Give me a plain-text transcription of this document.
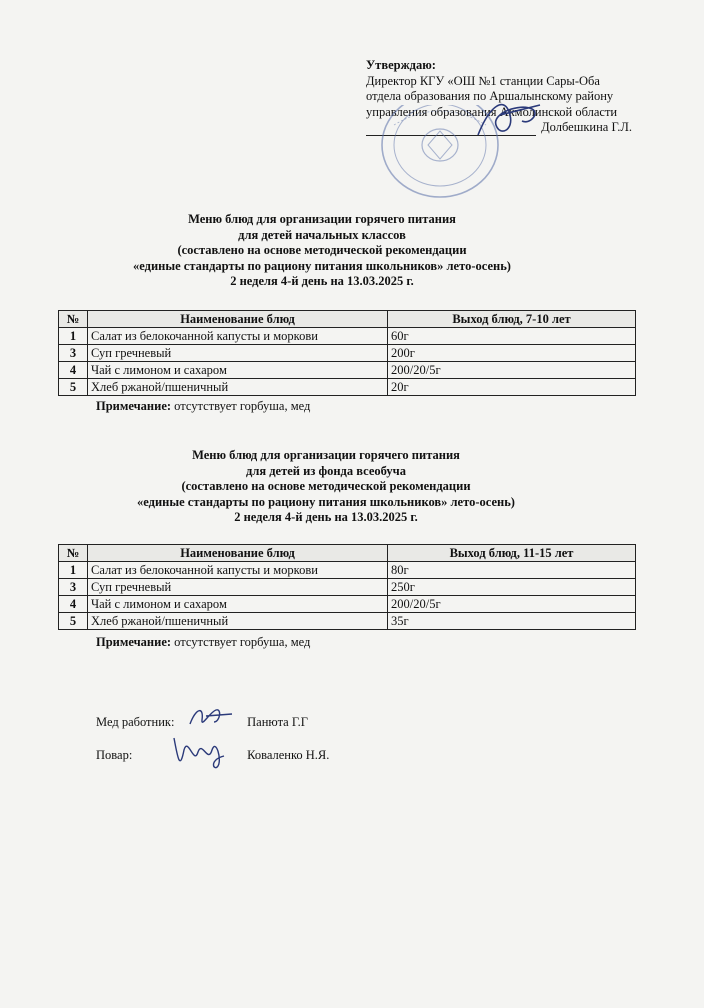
Утверждаю:
Директор КГУ «ОШ №1 станции Сары-Оба
отдела образования по Аршалынскому району
управления образования Акмолинской области
Долбешкина Г.Л.
Меню блюд для организации горячего питания
для детей начальных классов
(составлено на основе методической рекомендации
«единые стандарты по рациону питания школьников» лето-осень)
2 неделя 4-й день на 13.03.2025 г.
№	Наименование блюд	Выход блюд, 7-10 лет
1	Салат из белокочанной капусты и моркови	60г
3	Суп гречневый	200г
4	Чай с лимоном и сахаром	200/20/5г
5	Хлеб ржаной/пшеничный	20г
Примечание: отсутствует горбуша, мед
Меню блюд для организации горячего питания
для детей из фонда всеобуча
(составлено на основе методической рекомендации
«единые стандарты по рациону питания школьников» лето-осень)
2 неделя 4-й день на 13.03.2025 г.
№	Наименование блюд	Выход блюд, 11-15 лет
1	Салат из белокочанной капусты и моркови	80г
3	Суп гречневый	250г
4	Чай с лимоном и сахаром	200/20/5г
5	Хлеб ржаной/пшеничный	35г
Примечание: отсутствует горбуша, мед
Мед работник:	Панюта Г.Г
Повар:	Коваленко Н.Я.
